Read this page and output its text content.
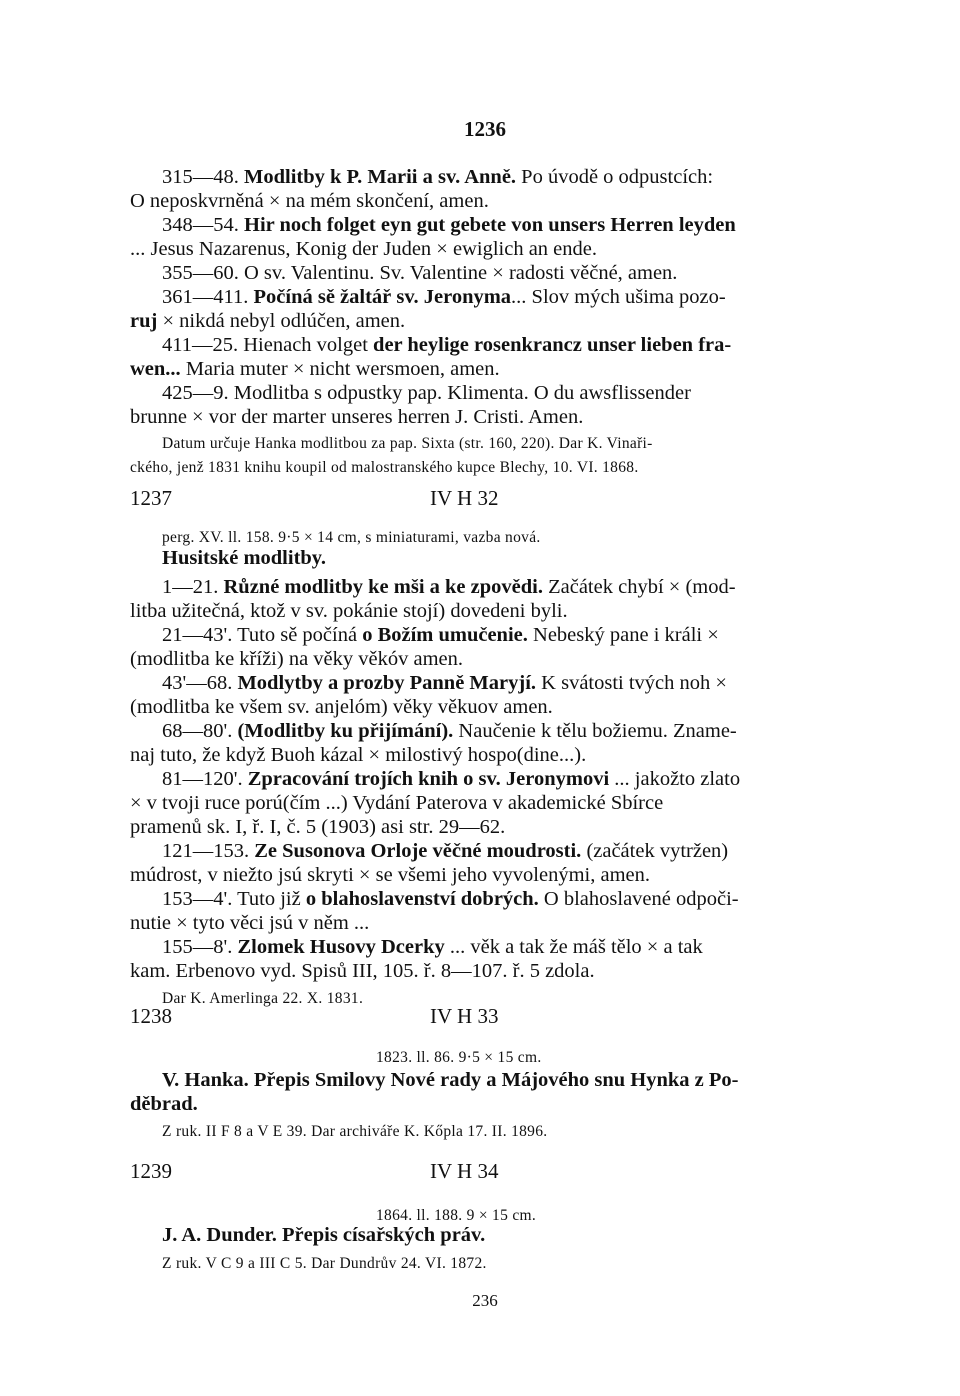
1236
315—48. Modlitby k P. Marii a sv. Anně. Po úvodě o odpustcích:
O neposkvrněná × na mém skončení, amen.
348—54. Hir noch folget eyn gut gebete von unsers Herren leyden
... Jesus Nazarenus, Konig der Juden × ewiglich an ende.
355—60. O sv. Valentinu. Sv. Valentine × radosti věčné, amen.
361—411. Počíná sě žaltář sv. Jeronyma... Slov mých ušima pozo-
ruj × nikdá nebyl odlúčen, amen.
411—25. Hienach volget der heylige rosenkrancz unser lieben fra-
wen... Maria muter × nicht wersmoen, amen.
425—9. Modlitba s odpustky pap. Klimenta. O du awsflissender
brunne × vor der marter unseres herren J. Cristi. Amen.
Datum určuje Hanka modlitbou za pap. Sixta (str. 160, 220). Dar K. Vinaři-
ckého, jenž 1831 knihu koupil od malostranského kupce Blechy, 10. VI. 1868.
1237	IV H 32
perg. XV. ll. 158. 9·5 × 14 cm, s miniaturami, vazba nová.
Husitské modlitby.
1—21. Různé modlitby ke mši a ke zpovědi. Začátek chybí × (mod-
litba užitečná, ktož v sv. pokánie stojí) dovedeni byli.
21—43'. Tuto sě počíná o Božím umučenie. Nebeský pane i králi ×
(modlitba ke kříži) na věky věkóv amen.
43'—68. Modlytby a prozby Panně Maryjí. K svátosti tvých noh ×
(modlitba ke všem sv. anjelóm) věky věkuov amen.
68—80'. (Modlitby ku přijímání). Naučenie k tělu božiemu. Zname-
naj tuto, že když Buoh kázal × milostivý hospo(dine...).
81—120'. Zpracování trojích knih o sv. Jeronymovi ... jakožto zlato
× v tvoji ruce porú(čím ...) Vydání Paterova v akademické Sbírce
pramenů sk. I, ř. I, č. 5 (1903) asi str. 29—62.
121—153. Ze Susonova Orloje věčné moudrosti. (začátek vytržen)
múdrost, v niežto jsú skryti × se všemi jeho vyvolenými, amen.
153—4'. Tuto již o blahoslavenství dobrých. O blahoslavené odpoči-
nutie × tyto věci jsú v něm ...
155—8'. Zlomek Husovy Dcerky ... věk a tak že máš tělo × a tak
kam. Erbenovo vyd. Spisů III, 105. ř. 8—107. ř. 5 zdola.
Dar K. Amerlinga 22. X. 1831.
1238	IV H 33
1823. ll. 86. 9·5 × 15 cm.
V. Hanka. Přepis Smilovy Nové rady a Májového snu Hynka z Po-
děbrad.
Z ruk. II F 8 a V E 39. Dar archiváře K. Kőpla 17. II. 1896.
1239	IV H 34
1864. ll. 188. 9 × 15 cm.
J. A. Dunder. Přepis císařských práv.
Z ruk. V C 9 a III C 5. Dar Dundrův 24. VI. 1872.
236
